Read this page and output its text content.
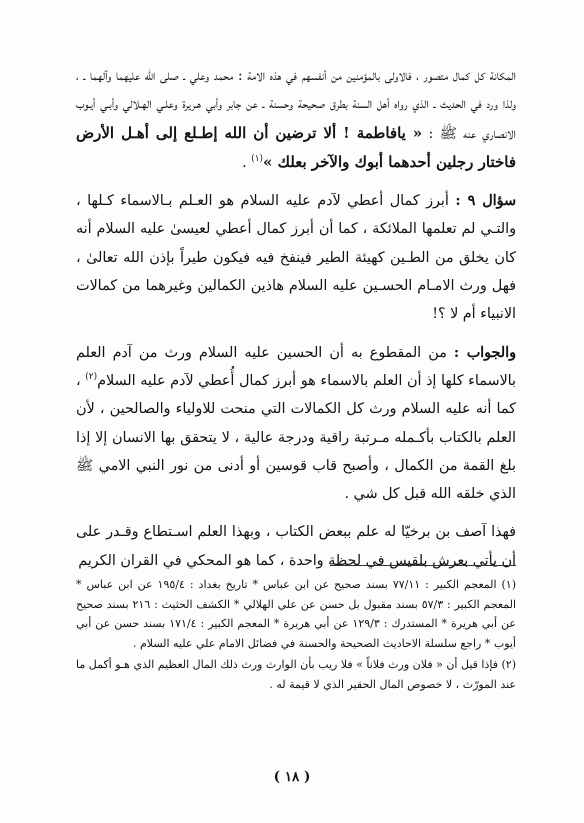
المكانة كل كمال متصور ، فالاولى بالمؤمنين من أنفسهم في هذه الامة : محمد وعلي ـ صلى الله عليهما وآلهما ـ ، ولذا ورد في الحديث ـ الذي رواه أهل السنة بطرق صحيحة وحسنة ـ عن جابر وأبي هـريرة وعلـي الهـلالي وأبـي أيـوب الانصاري عنه ﷺ : « يافاطمة ! ألا ترضين أن الله إطـلع إلى أهـل الأرض فاختار رجلين أحدهما أبوك والآخر بعلك »$^{(١)}$ .

سؤال ٩ : أبرز كمال أعطي لآدم عليه السلام هو العـلم بـالاسماء كـلها ، والتـي لم تعلمها الملائكة ، كما أن أبرز كمال أعطي لعيسىٰ عليه السلام أنه كان يخلق من الطـين كهيئة الطير فينفخ فيه فيكون طيراً بإذن الله تعالىٰ ، فهل ورث الامـام الحسـين عليه السلام هاذين الكمالين وغيرهما من كمالات الانبياء أم لا ؟!

والجواب : من المقطوع به أن الحسين عليه السلام ورث من آدم العلم بالاسماء كلها إذ أن العلم بالاسماء هو أبرز كمال أُعطي لآدم عليه السلام$^{(٢)}$ ، كما أنه عليه السلام ورث كل الكمالات التي منحت للاولياء والصالحين ، لأن العلم بالكتاب بأكـمله مـرتبة راقية ودرجة عالية ، لا يتحقق بها الانسان إلا إذا بلغ القمة من الكمال ، وأصبح قاب قوسين أو أدنى من نور النبي الامي ﷺ الذي خلقه الله قبل كل شي .

فهذا آصف بن برخيّا له علم ببعض الكتاب ، وبهذا العلم اسـتطاع وقـدر على أن يأتي بعرش بلقيس في لحظة واحدة ، كما هو المحكي في القران الكريم

(١) المعجم الكبير : ٧٧/١١ بسند صحيح عن ابن عباس * تاريخ بغداد : ١٩٥/٤ عن ابن عباس * المعجم الكبير : ٥٧/٣ بسند مقبول بل حسن عن علي الهلالي * الكشف الحثيث : ٢١٦ بسند صحيح عن أبي هريرة * المستدرك : ١٢٩/٣ عن أبي هريرة * المعجم الكبير : ١٧١/٤ بسند حسن عن أبي أيوب * راجع سلسلة الاحاديث الصحيحة والحسنة في فضائل الامام علي عليه السلام .

(٢) فإذا قيل أن « فلان ورث فلاناً » فلا ريب بأن الوارث ورث ذلك المال العظيم الذي هـو أكمل ما عند المورّث ، لا خصوص المال الحقير الذي لا قيمة له .

( ١٨ )
